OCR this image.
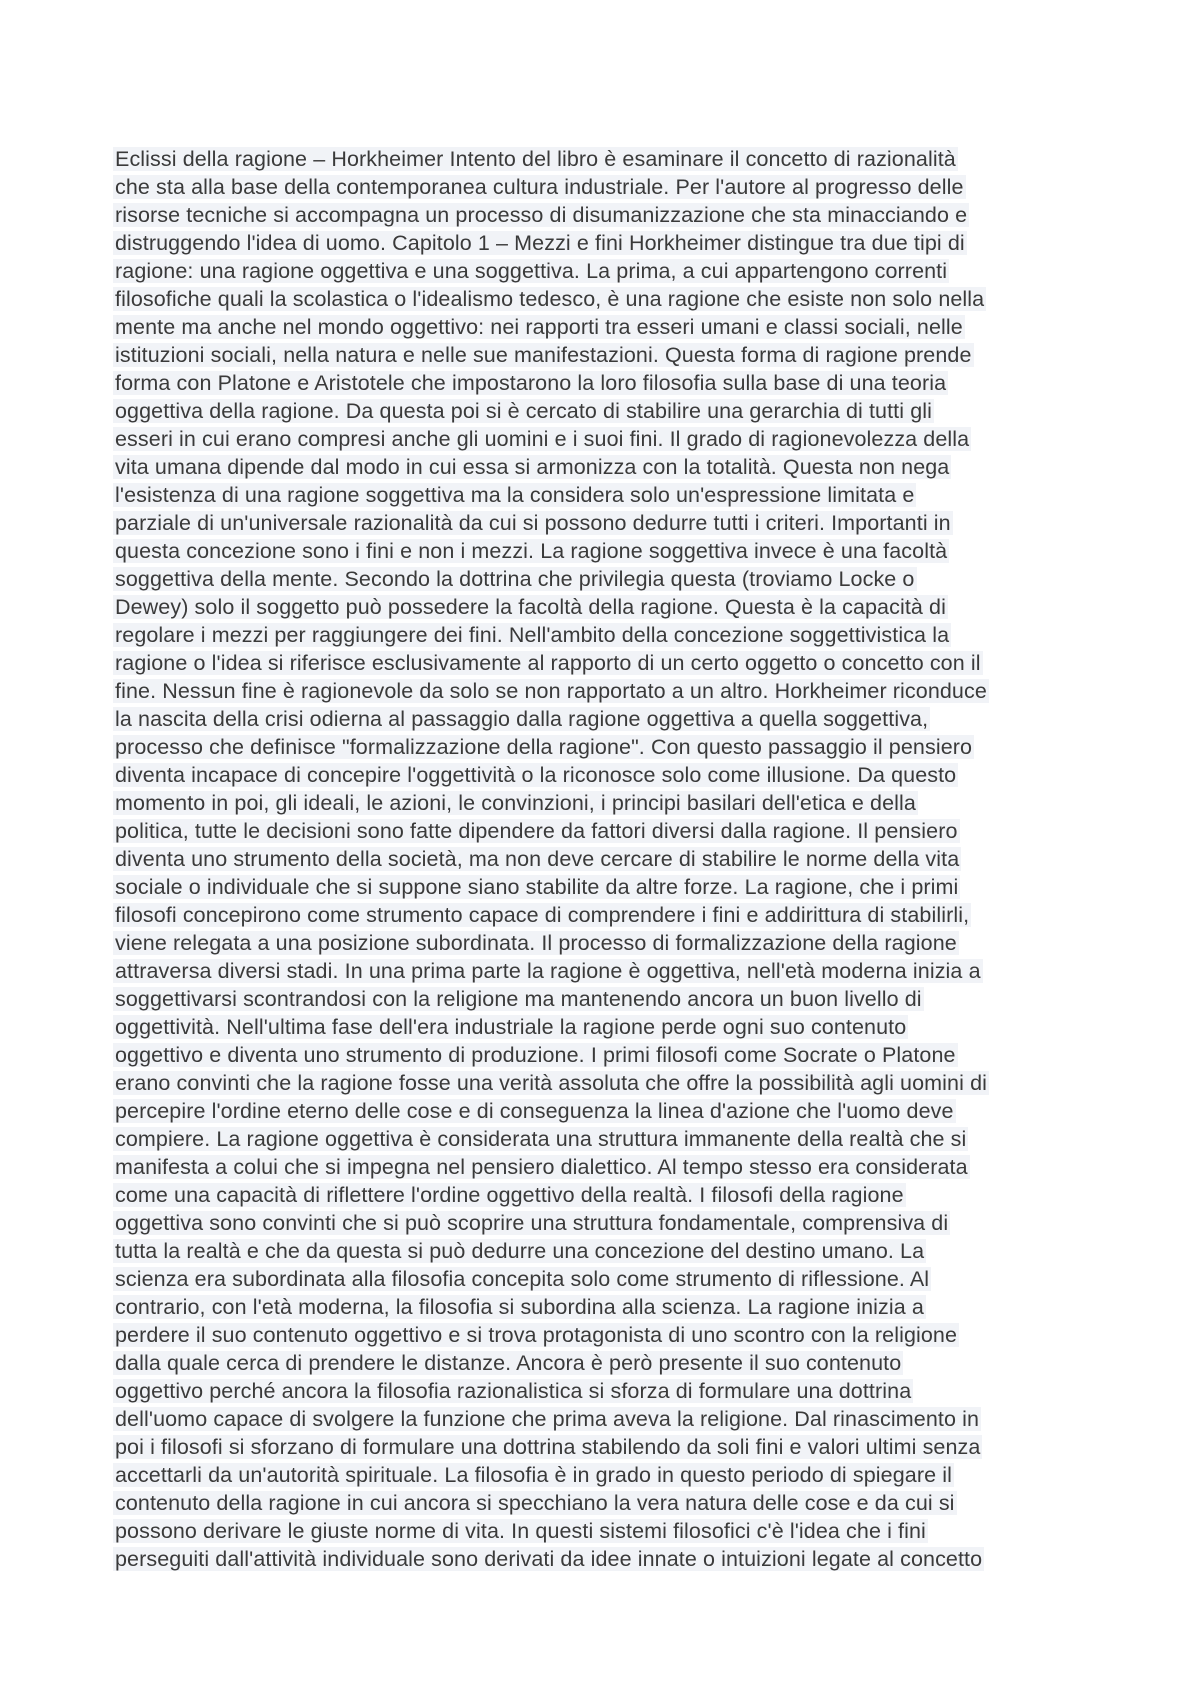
Eclissi della ragione – Horkheimer Intento del libro è esaminare il concetto di razionalità
che sta alla base della contemporanea cultura industriale. Per l'autore al progresso delle
risorse tecniche si accompagna un processo di disumanizzazione che sta minacciando e
distruggendo l'idea di uomo. Capitolo 1 – Mezzi e fini Horkheimer distingue tra due tipi di
ragione: una ragione oggettiva e una soggettiva. La prima, a cui appartengono correnti
filosofiche quali la scolastica o l'idealismo tedesco, è una ragione che esiste non solo nella
mente ma anche nel mondo oggettivo: nei rapporti tra esseri umani e classi sociali, nelle
istituzioni sociali, nella natura e nelle sue manifestazioni. Questa forma di ragione prende
forma con Platone e Aristotele che impostarono la loro filosofia sulla base di una teoria
oggettiva della ragione. Da questa poi si è cercato di stabilire una gerarchia di tutti gli
esseri in cui erano compresi anche gli uomini e i suoi fini. Il grado di ragionevolezza della
vita umana dipende dal modo in cui essa si armonizza con la totalità. Questa non nega
l'esistenza di una ragione soggettiva ma la considera solo un'espressione limitata e
parziale di un'universale razionalità da cui si possono dedurre tutti i criteri. Importanti in
questa concezione sono i fini e non i mezzi. La ragione soggettiva invece è una facoltà
soggettiva della mente. Secondo la dottrina che privilegia questa (troviamo Locke o
Dewey) solo il soggetto può possedere la facoltà della ragione. Questa è la capacità di
regolare i mezzi per raggiungere dei fini. Nell'ambito della concezione soggettivistica la
ragione o l'idea si riferisce esclusivamente al rapporto di un certo oggetto o concetto con il
fine. Nessun fine è ragionevole da solo se non rapportato a un altro. Horkheimer riconduce
la nascita della crisi odierna al passaggio dalla ragione oggettiva a quella soggettiva,
processo che definisce "formalizzazione della ragione". Con questo passaggio il pensiero
diventa incapace di concepire l'oggettività o la riconosce solo come illusione. Da questo
momento in poi, gli ideali, le azioni, le convinzioni, i principi basilari dell'etica e della
politica, tutte le decisioni sono fatte dipendere da fattori diversi dalla ragione. Il pensiero
diventa uno strumento della società, ma non deve cercare di stabilire le norme della vita
sociale o individuale che si suppone siano stabilite da altre forze. La ragione, che i primi
filosofi concepirono come strumento capace di comprendere i fini e addirittura di stabilirli,
viene relegata a una posizione subordinata. Il processo di formalizzazione della ragione
attraversa diversi stadi. In una prima parte la ragione è oggettiva, nell'età moderna inizia a
soggettivarsi scontrandosi con la religione ma mantenendo ancora un buon livello di
oggettività. Nell'ultima fase dell'era industriale la ragione perde ogni suo contenuto
oggettivo e diventa uno strumento di produzione. I primi filosofi come Socrate o Platone
erano convinti che la ragione fosse una verità assoluta che offre la possibilità agli uomini di
percepire l'ordine eterno delle cose e di conseguenza la linea d'azione che l'uomo deve
compiere. La ragione oggettiva è considerata una struttura immanente della realtà che si
manifesta a colui che si impegna nel pensiero dialettico. Al tempo stesso era considerata
come una capacità di riflettere l'ordine oggettivo della realtà. I filosofi della ragione
oggettiva sono convinti che si può scoprire una struttura fondamentale, comprensiva di
tutta la realtà e che da questa si può dedurre una concezione del destino umano. La
scienza era subordinata alla filosofia concepita solo come strumento di riflessione. Al
contrario, con l'età moderna, la filosofia si subordina alla scienza. La ragione inizia a
perdere il suo contenuto oggettivo e si trova protagonista di uno scontro con la religione
dalla quale cerca di prendere le distanze. Ancora è però presente il suo contenuto
oggettivo perché ancora la filosofia razionalistica si sforza di formulare una dottrina
dell'uomo capace di svolgere la funzione che prima aveva la religione. Dal rinascimento in
poi i filosofi si sforzano di formulare una dottrina stabilendo da soli fini e valori ultimi senza
accettarli da un'autorità spirituale. La filosofia è in grado in questo periodo di spiegare il
contenuto della ragione in cui ancora si specchiano la vera natura delle cose e da cui si
possono derivare le giuste norme di vita. In questi sistemi filosofici c'è l'idea che i fini
perseguiti dall'attività individuale sono derivati da idee innate o intuizioni legate al concetto
